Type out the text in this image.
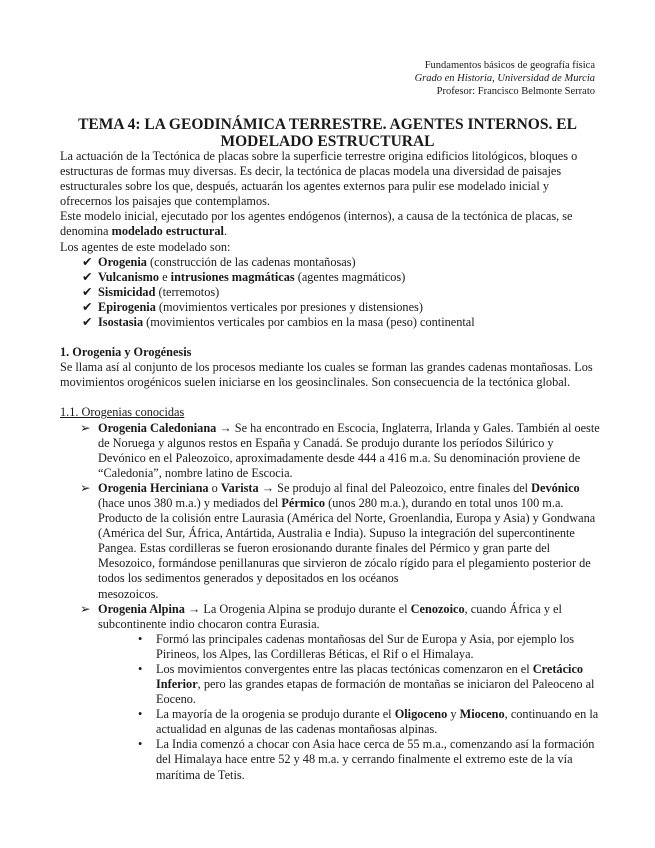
Fundamentos básicos de geografía física
Grado en Historia, Universidad de Murcia
Profesor: Francisco Belmonte Serrato
TEMA 4: LA GEODINÁMICA TERRESTRE. AGENTES INTERNOS. EL
MODELADO ESTRUCTURAL

La actuación de la Tectónica de placas sobre la superficie terrestre origina edificios litológicos, bloques o estructuras de formas muy diversas. Es decir, la tectónica de placas modela una diversidad de paisajes estructurales sobre los que, después, actuarán los agentes externos para pulir ese modelado inicial y ofrecernos los paisajes que contemplamos.

Este modelo inicial, ejecutado por los agentes endógenos (internos), a causa de la tectónica de placas, se denomina modelado estructural.

Los agentes de este modelado son:

✔ Orogenia (construcción de las cadenas montañosas)
✔ Vulcanismo e intrusiones magmáticas (agentes magmáticos)
✔ Sismicidad (terremotos)
✔ Epirogenia (movimientos verticales por presiones y distensiones)
✔ Isostasia (movimientos verticales por cambios en la masa (peso) continental

1. Orogenia y Orogénesis

Se llama así al conjunto de los procesos mediante los cuales se forman las grandes cadenas montañosas. Los movimientos orogénicos suelen iniciarse en los geosinclinales. Son consecuencia de la tectónica global.

1.1. Orogenias conocidas

➢ Orogenia Caledoniana → Se ha encontrado en Escocia, Inglaterra, Irlanda y Gales. También al oeste de Noruega y algunos restos en España y Canadá. Se produjo durante los períodos Silúrico y Devónico en el Paleozoico, aproximadamente desde 444 a 416 m.a. Su denominación proviene de “Caledonia”, nombre latino de Escocia.
➢ Orogenia Herciniana o Varista → Se produjo al final del Paleozoico, entre finales del Devónico (hace unos 380 m.a.) y mediados del Pérmico (unos 280 m.a.), durando en total unos 100 m.a. Producto de la colisión entre Laurasia (América del Norte, Groenlandia, Europa y Asia) y Gondwana (América del Sur, África, Antártida, Australia e India). Supuso la integración del supercontinente Pangea. Estas cordilleras se fueron erosionando durante finales del Pérmico y gran parte del Mesozoico, formándose penillanuras que sirvieron de zócalo rígido para el plegamiento posterior de todos los sedimentos generados y depositados en los océanos
mesozoicos.
➢ Orogenia Alpina → La Orogenia Alpina se produjo durante el Cenozoico, cuando África y el subcontinente indio chocaron contra Eurasia.
• Formó las principales cadenas montañosas del Sur de Europa y Asia, por ejemplo los Pirineos, los Alpes, las Cordilleras Béticas, el Rif o el Himalaya.
• Los movimientos convergentes entre las placas tectónicas comenzaron en el Cretácico Inferior, pero las grandes etapas de formación de montañas se iniciaron del Paleoceno al Eoceno.
• La mayoría de la orogenia se produjo durante el Oligoceno y Mioceno, continuando en la actualidad en algunas de las cadenas montañosas alpinas.
• La India comenzó a chocar con Asia hace cerca de 55 m.a., comenzando así la formación del Himalaya hace entre 52 y 48 m.a. y cerrando finalmente el extremo este de la vía marítima de Tetis.
